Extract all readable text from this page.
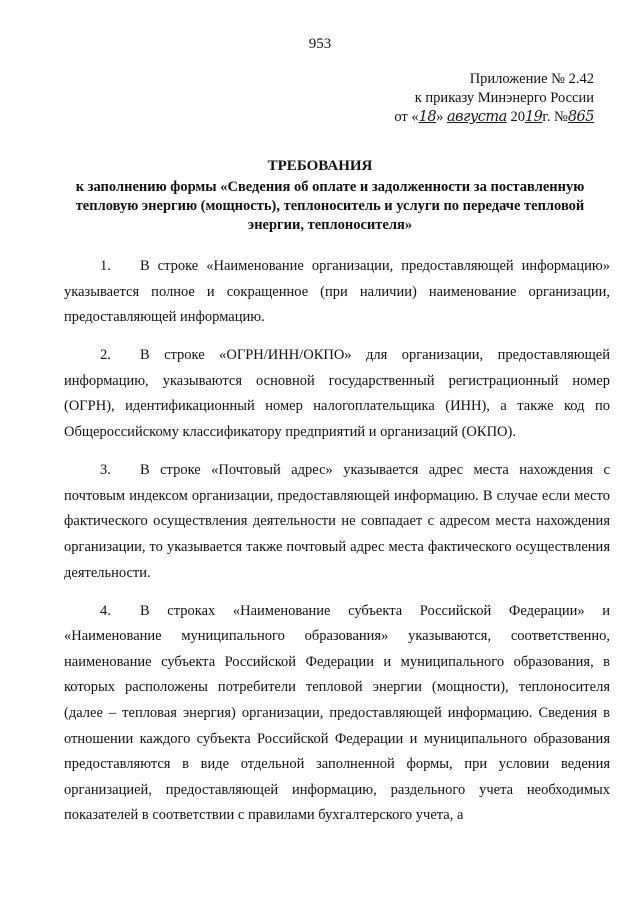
953
Приложение № 2.42
к приказу Минэнерго России
от «18» августа 2019г. №865
ТРЕБОВАНИЯ
к заполнению формы «Сведения об оплате и задолженности за поставленную тепловую энергию (мощность), теплоноситель и услуги по передаче тепловой энергии, теплоносителя»

1. В строке «Наименование организации, предоставляющей информацию» указывается полное и сокращенное (при наличии) наименование организации, предоставляющей информацию.

2. В строке «ОГРН/ИНН/ОКПО» для организации, предоставляющей информацию, указываются основной государственный регистрационный номер (ОГРН), идентификационный номер налогоплательщика (ИНН), а также код по Общероссийскому классификатору предприятий и организаций (ОКПО).

3. В строке «Почтовый адрес» указывается адрес места нахождения с почтовым индексом организации, предоставляющей информацию. В случае если место фактического осуществления деятельности не совпадает с адресом места нахождения организации, то указывается также почтовый адрес места фактического осуществления деятельности.

4. В строках «Наименование субъекта Российской Федерации» и «Наименование муниципального образования» указываются, соответственно, наименование субъекта Российской Федерации и муниципального образования, в которых расположены потребители тепловой энергии (мощности), теплоносителя (далее – тепловая энергия) организации, предоставляющей информацию. Сведения в отношении каждого субъекта Российской Федерации и муниципального образования предоставляются в виде отдельной заполненной формы, при условии ведения организацией, предоставляющей информацию, раздельного учета необходимых показателей в соответствии с правилами бухгалтерского учета, а
